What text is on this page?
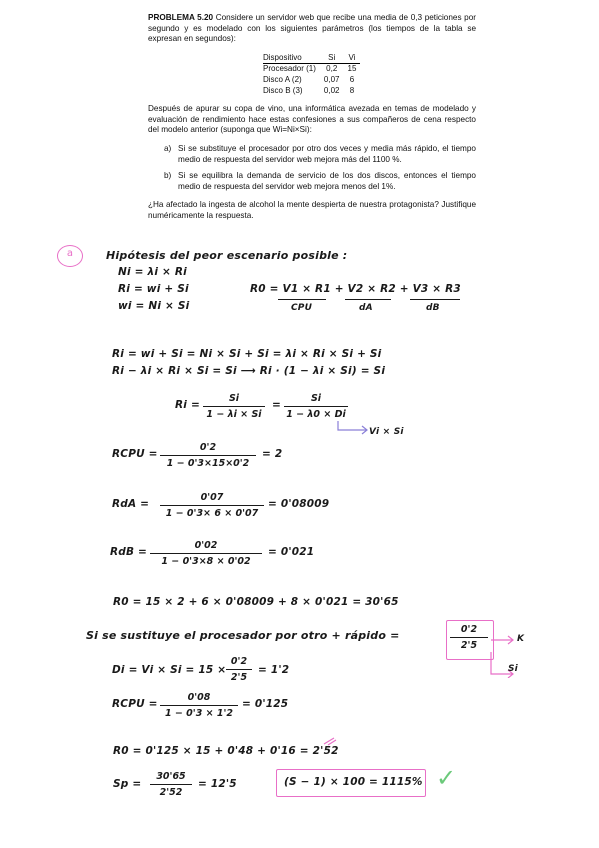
PROBLEMA 5.20 Considere un servidor web que recibe una media de 0,3 peticiones por segundo y es modelado con los siguientes parámetros (los tiempos de la tabla se expresan en segundos):

Dispositivo	Si	Vi
Procesador (1)	0,2	15
Disco A (2)	0,07	6
Disco B (3)	0,02	8

Después de apurar su copa de vino, una informática avezada en temas de modelado y evaluación de rendimiento hace estas confesiones a sus compañeros de cena respecto del modelo anterior (suponga que Wi=Ni×Si):

a) Si se substituye el procesador por otro dos veces y media más rápido, el tiempo medio de respuesta del servidor web mejora más del 1100 %.
b) Si se equilibra la demanda de servicio de los dos discos, entonces el tiempo medio de respuesta del servidor web mejora menos del 1%.

¿Ha afectado la ingesta de alcohol la mente despierta de nuestra protagonista? Justifique numéricamente la respuesta.

a	Hipótesis del peor escenario posible :
Ni = λi × Ri
Ri = wi + Si
wi = Ni × Si
R0 = V1 × R1 + V2 × R2 + V3 × R3
CPU	dA	dB
Ri = wi + Si = Ni × Si + Si = λi × Ri × Si + Si
Ri − λi × Ri × Si = Si ⟶ Ri · (1 − λi × Si) = Si
Ri =
Si
1 − λi × Si
=
Si
1 − λ0 × Di
Vi × Si
RCPU =
0'2
1 − 0'3×15×0'2
= 2
RdA =
0'07
1 − 0'3× 6 × 0'07
= 0'08009
RdB =
0'02
1 − 0'3×8 × 0'02
= 0'021
R0 = 15 × 2 + 6 × 0'08009 + 8 × 0'021 = 30'65
Si se sustituye el procesador por otro + rápido =	0'2
2'5
K
Si
Di = Vi × Si = 15 ×
0'2
2'5
= 1'2
RCPU =
0'08
1 − 0'3 × 1'2
= 0'125
R0 = 0'125 × 15 + 0'48 + 0'16 = 2'52
Sp =
30'65
2'52
= 12'5	(S − 1) × 100 = 1115% ✓
